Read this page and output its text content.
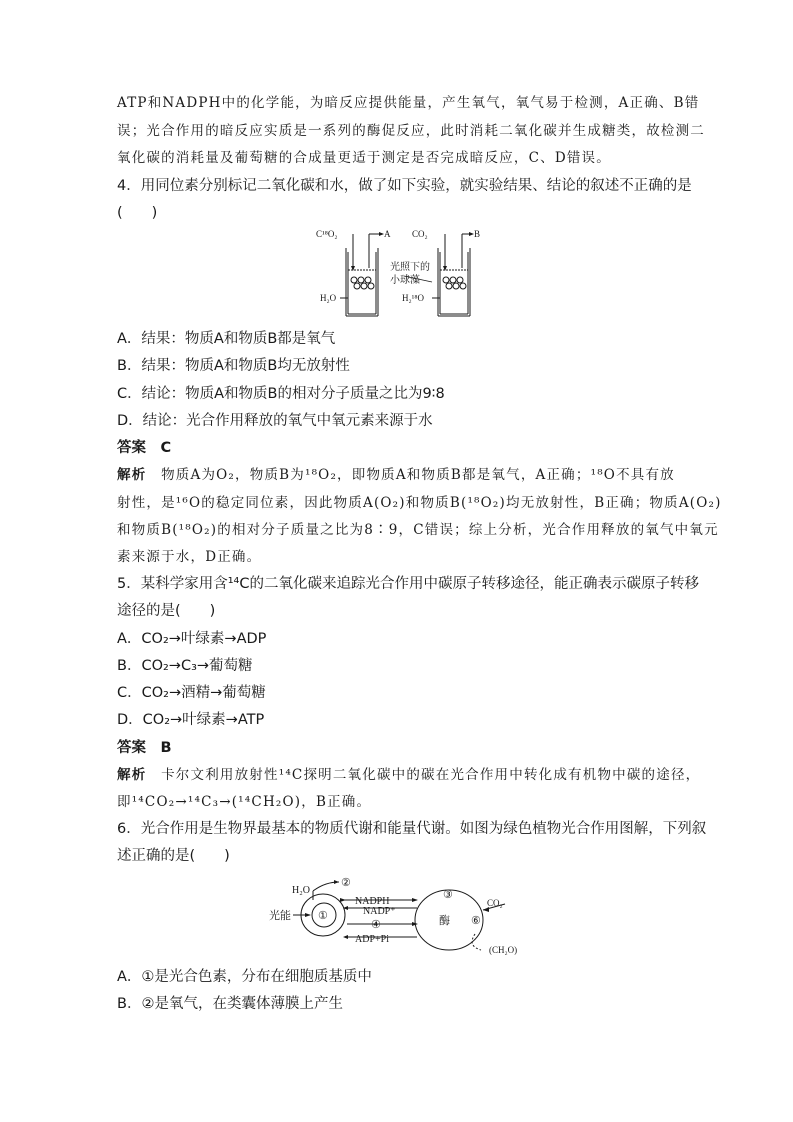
ATP和NADPH中的化学能，为暗反应提供能量，产生氧气，氧气易于检测，A正确、B错
误；光合作用的暗反应实质是一系列的酶促反应，此时消耗二氧化碳并生成糖类，故检测二
氧化碳的消耗量及葡萄糖的合成量更适于测定是否完成暗反应，C、D错误。
4．用同位素分别标记二氧化碳和水，做了如下实验，就实验结果、结论的叙述不正确的是
(　　)
C¹⁸O₂	A CO₂	B
H₂O	H₂¹⁸O
光照下的
小球藻
A．结果：物质A和物质B都是氧气
B．结果：物质A和物质B均无放射性
C．结论：物质A和物质B的相对分子质量之比为9∶8
D．结论：光合作用释放的氧气中氧元素来源于水
答案　 C
解析　 物质A为O₂，物质B为¹⁸O₂，即物质A和物质B都是氧气，A正确；¹⁸O不具有放
射性，是¹⁶O的稳定同位素，因此物质A(O₂)和物质B(¹⁸O₂)均无放射性，B正确；物质A(O₂)
和物质B(¹⁸O₂)的相对分子质量之比为8∶9，C错误；综上分析，光合作用释放的氧气中氧元
素来源于水，D正确。
5．某科学家用含¹⁴C的二氧化碳来追踪光合作用中碳原子转移途径，能正确表示碳原子转移
途径的是(　　)
A．CO₂→叶绿素→ADP
B．CO₂→C₃→葡萄糖
C．CO₂→酒精→葡萄糖
D．CO₂→叶绿素→ATP
答案　 B
解析　 卡尔文利用放射性¹⁴C探明二氧化碳中的碳在光合作用中转化成有机物中碳的途径，
即¹⁴CO₂→¹⁴C₃→(¹⁴CH₂O)，B正确。
6．光合作用是生物界最基本的物质代谢和能量代谢。如图为绿色植物光合作用图解，下列叙
述正确的是(　　)
H₂O
光能 ①
②
NADPH
NADP⁺
④
ADP+Pi
③
酶 ⑥
CO₂
(CH₂O)
A．①是光合色素，分布在细胞质基质中
B．②是氧气，在类囊体薄膜上产生
